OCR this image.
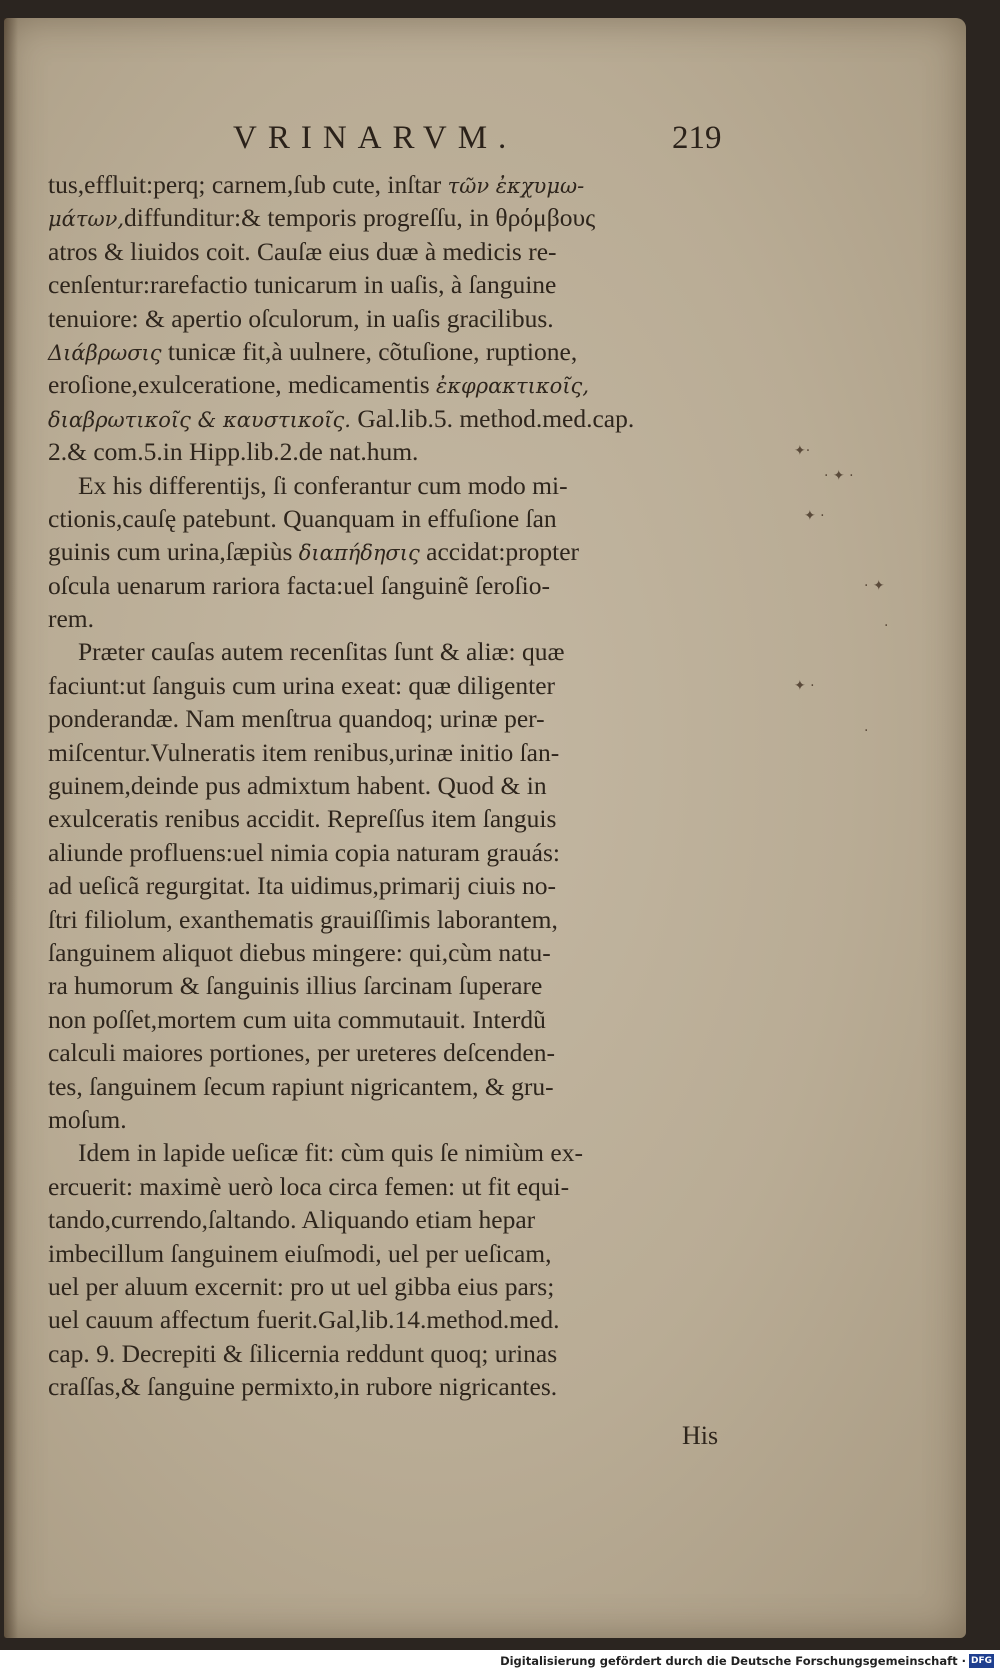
VRINARVM.	219
tus,effluit:perq; carnem,ſub cute, inſtar τῶν ἐκχυμω-
μάτων,diffunditur:& temporis progreſſu, in θρόμβους
atros & liuidos coit. Cauſæ eius duæ à medicis re-
cenſentur:rarefactio tunicarum in uaſis, à ſanguine
tenuiore: & apertio oſculorum, in uaſis gracilibus.
Διάβρωσις tunicæ fit,à uulnere, cõtuſione, ruptione,
eroſione,exulceratione, medicamentis ἐκφρακτικοῖς,
διαβρωτικοῖς & καυστικοῖς. Gal.lib.5. method.med.cap.
2.& com.5.in Hipp.lib.2.de nat.hum.
Ex his differentijs, ſi conferantur cum modo mi-
ctionis,cauſę patebunt. Quanquam in effuſione ſan
guinis cum urina,ſæpiùs διαπήδησις accidat:propter
oſcula uenarum rariora facta:uel ſanguinẽ ſeroſio-
rem.
Præter cauſas autem recenſitas ſunt & aliæ: quæ
faciunt:ut ſanguis cum urina exeat: quæ diligenter
ponderandæ. Nam menſtrua quandoq; urinæ per-
miſcentur.Vulneratis item renibus,urinæ initio ſan-
guinem,deinde pus admixtum habent. Quod & in
exulceratis renibus accidit. Repreſſus item ſanguis
aliunde profluens:uel nimia copia naturam grauás:
ad ueſicã regurgitat. Ita uidimus,primarij ciuis no-
ſtri filiolum, exanthematis grauiſſimis laborantem,
ſanguinem aliquot diebus mingere: qui,cùm natu-
ra humorum & ſanguinis illius ſarcinam ſuperare
non poſſet,mortem cum uita commutauit. Interdũ
calculi maiores portiones, per ureteres deſcenden-
tes, ſanguinem ſecum rapiunt nigricantem, & gru-
moſum.
Idem in lapide ueſicæ fit: cùm quis ſe nimiùm ex-
ercuerit: maximè uerò loca circa femen: ut fit equi-
tando,currendo,ſaltando. Aliquando etiam hepar
imbecillum ſanguinem eiuſmodi, uel per ueſicam,
uel per aluum excernit: pro ut uel gibba eius pars;
uel cauum affectum fuerit.Gal,lib.14.method.med.
cap. 9. Decrepiti & ſilicernia reddunt quoq; urinas
craſſas,& ſanguine permixto,in rubore nigricantes.
His
✦·
· ✦ ·
✦ ·
· ✦
·
✦ ·
·
Digitalisierung gefördert durch die Deutsche Forschungsgemeinschaft · DFG
